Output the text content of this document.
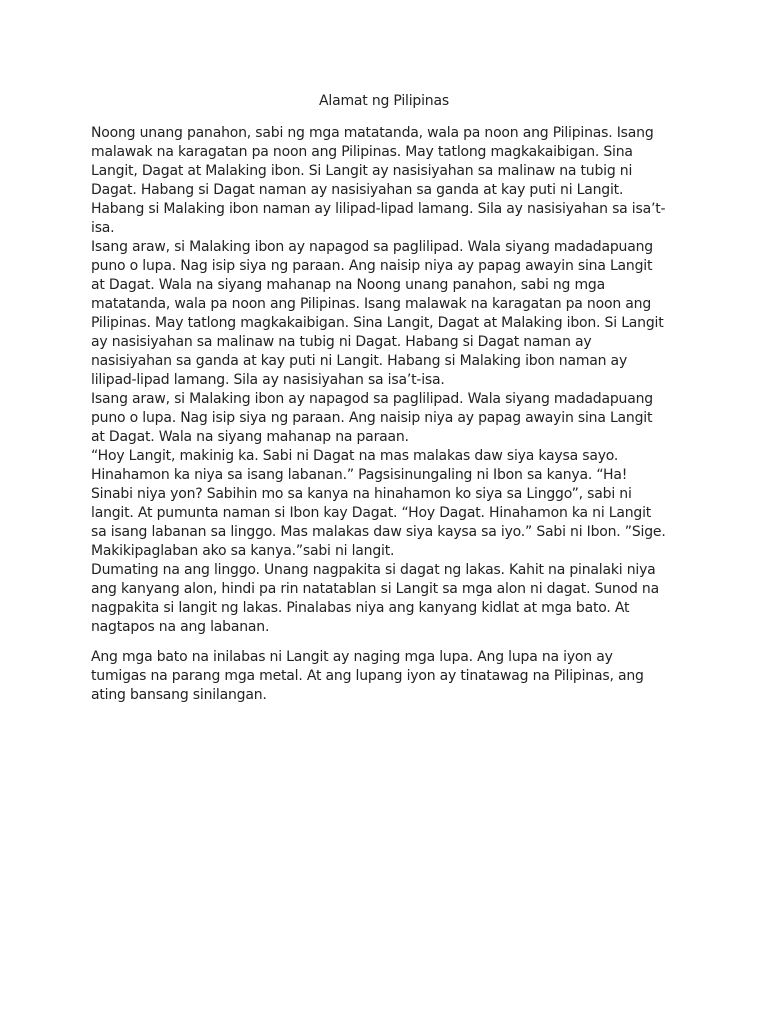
Alamat ng Pilipinas

Noong unang panahon, sabi ng mga matatanda, wala pa noon ang Pilipinas. Isang
malawak na karagatan pa noon ang Pilipinas. May tatlong magkakaibigan. Sina
Langit, Dagat at Malaking ibon. Si Langit ay nasisiyahan sa malinaw na tubig ni
Dagat. Habang si Dagat naman ay nasisiyahan sa ganda at kay puti ni Langit.
Habang si Malaking ibon naman ay lilipad-lipad lamang. Sila ay nasisiyahan sa isa’t-
isa.
Isang araw, si Malaking ibon ay napagod sa paglilipad. Wala siyang madadapuang
puno o lupa. Nag isip siya ng paraan. Ang naisip niya ay papag awayin sina Langit
at Dagat. Wala na siyang mahanap na Noong unang panahon, sabi ng mga
matatanda, wala pa noon ang Pilipinas. Isang malawak na karagatan pa noon ang
Pilipinas. May tatlong magkakaibigan. Sina Langit, Dagat at Malaking ibon. Si Langit
ay nasisiyahan sa malinaw na tubig ni Dagat. Habang si Dagat naman ay
nasisiyahan sa ganda at kay puti ni Langit. Habang si Malaking ibon naman ay
lilipad-lipad lamang. Sila ay nasisiyahan sa isa’t-isa.
Isang araw, si Malaking ibon ay napagod sa paglilipad. Wala siyang madadapuang
puno o lupa. Nag isip siya ng paraan. Ang naisip niya ay papag awayin sina Langit
at Dagat. Wala na siyang mahanap na paraan.
“Hoy Langit, makinig ka. Sabi ni Dagat na mas malakas daw siya kaysa sayo.
Hinahamon ka niya sa isang labanan.” Pagsisinungaling ni Ibon sa kanya. “Ha!
Sinabi niya yon? Sabihin mo sa kanya na hinahamon ko siya sa Linggo”, sabi ni
langit. At pumunta naman si Ibon kay Dagat. “Hoy Dagat. Hinahamon ka ni Langit
sa isang labanan sa linggo. Mas malakas daw siya kaysa sa iyo.” Sabi ni Ibon. ”Sige.
Makikipaglaban ako sa kanya.”sabi ni langit.
Dumating na ang linggo. Unang nagpakita si dagat ng lakas. Kahit na pinalaki niya
ang kanyang alon, hindi pa rin natatablan si Langit sa mga alon ni dagat. Sunod na
nagpakita si langit ng lakas. Pinalabas niya ang kanyang kidlat at mga bato. At
nagtapos na ang labanan.

Ang mga bato na inilabas ni Langit ay naging mga lupa. Ang lupa na iyon ay
tumigas na parang mga metal. At ang lupang iyon ay tinatawag na Pilipinas, ang
ating bansang sinilangan.
